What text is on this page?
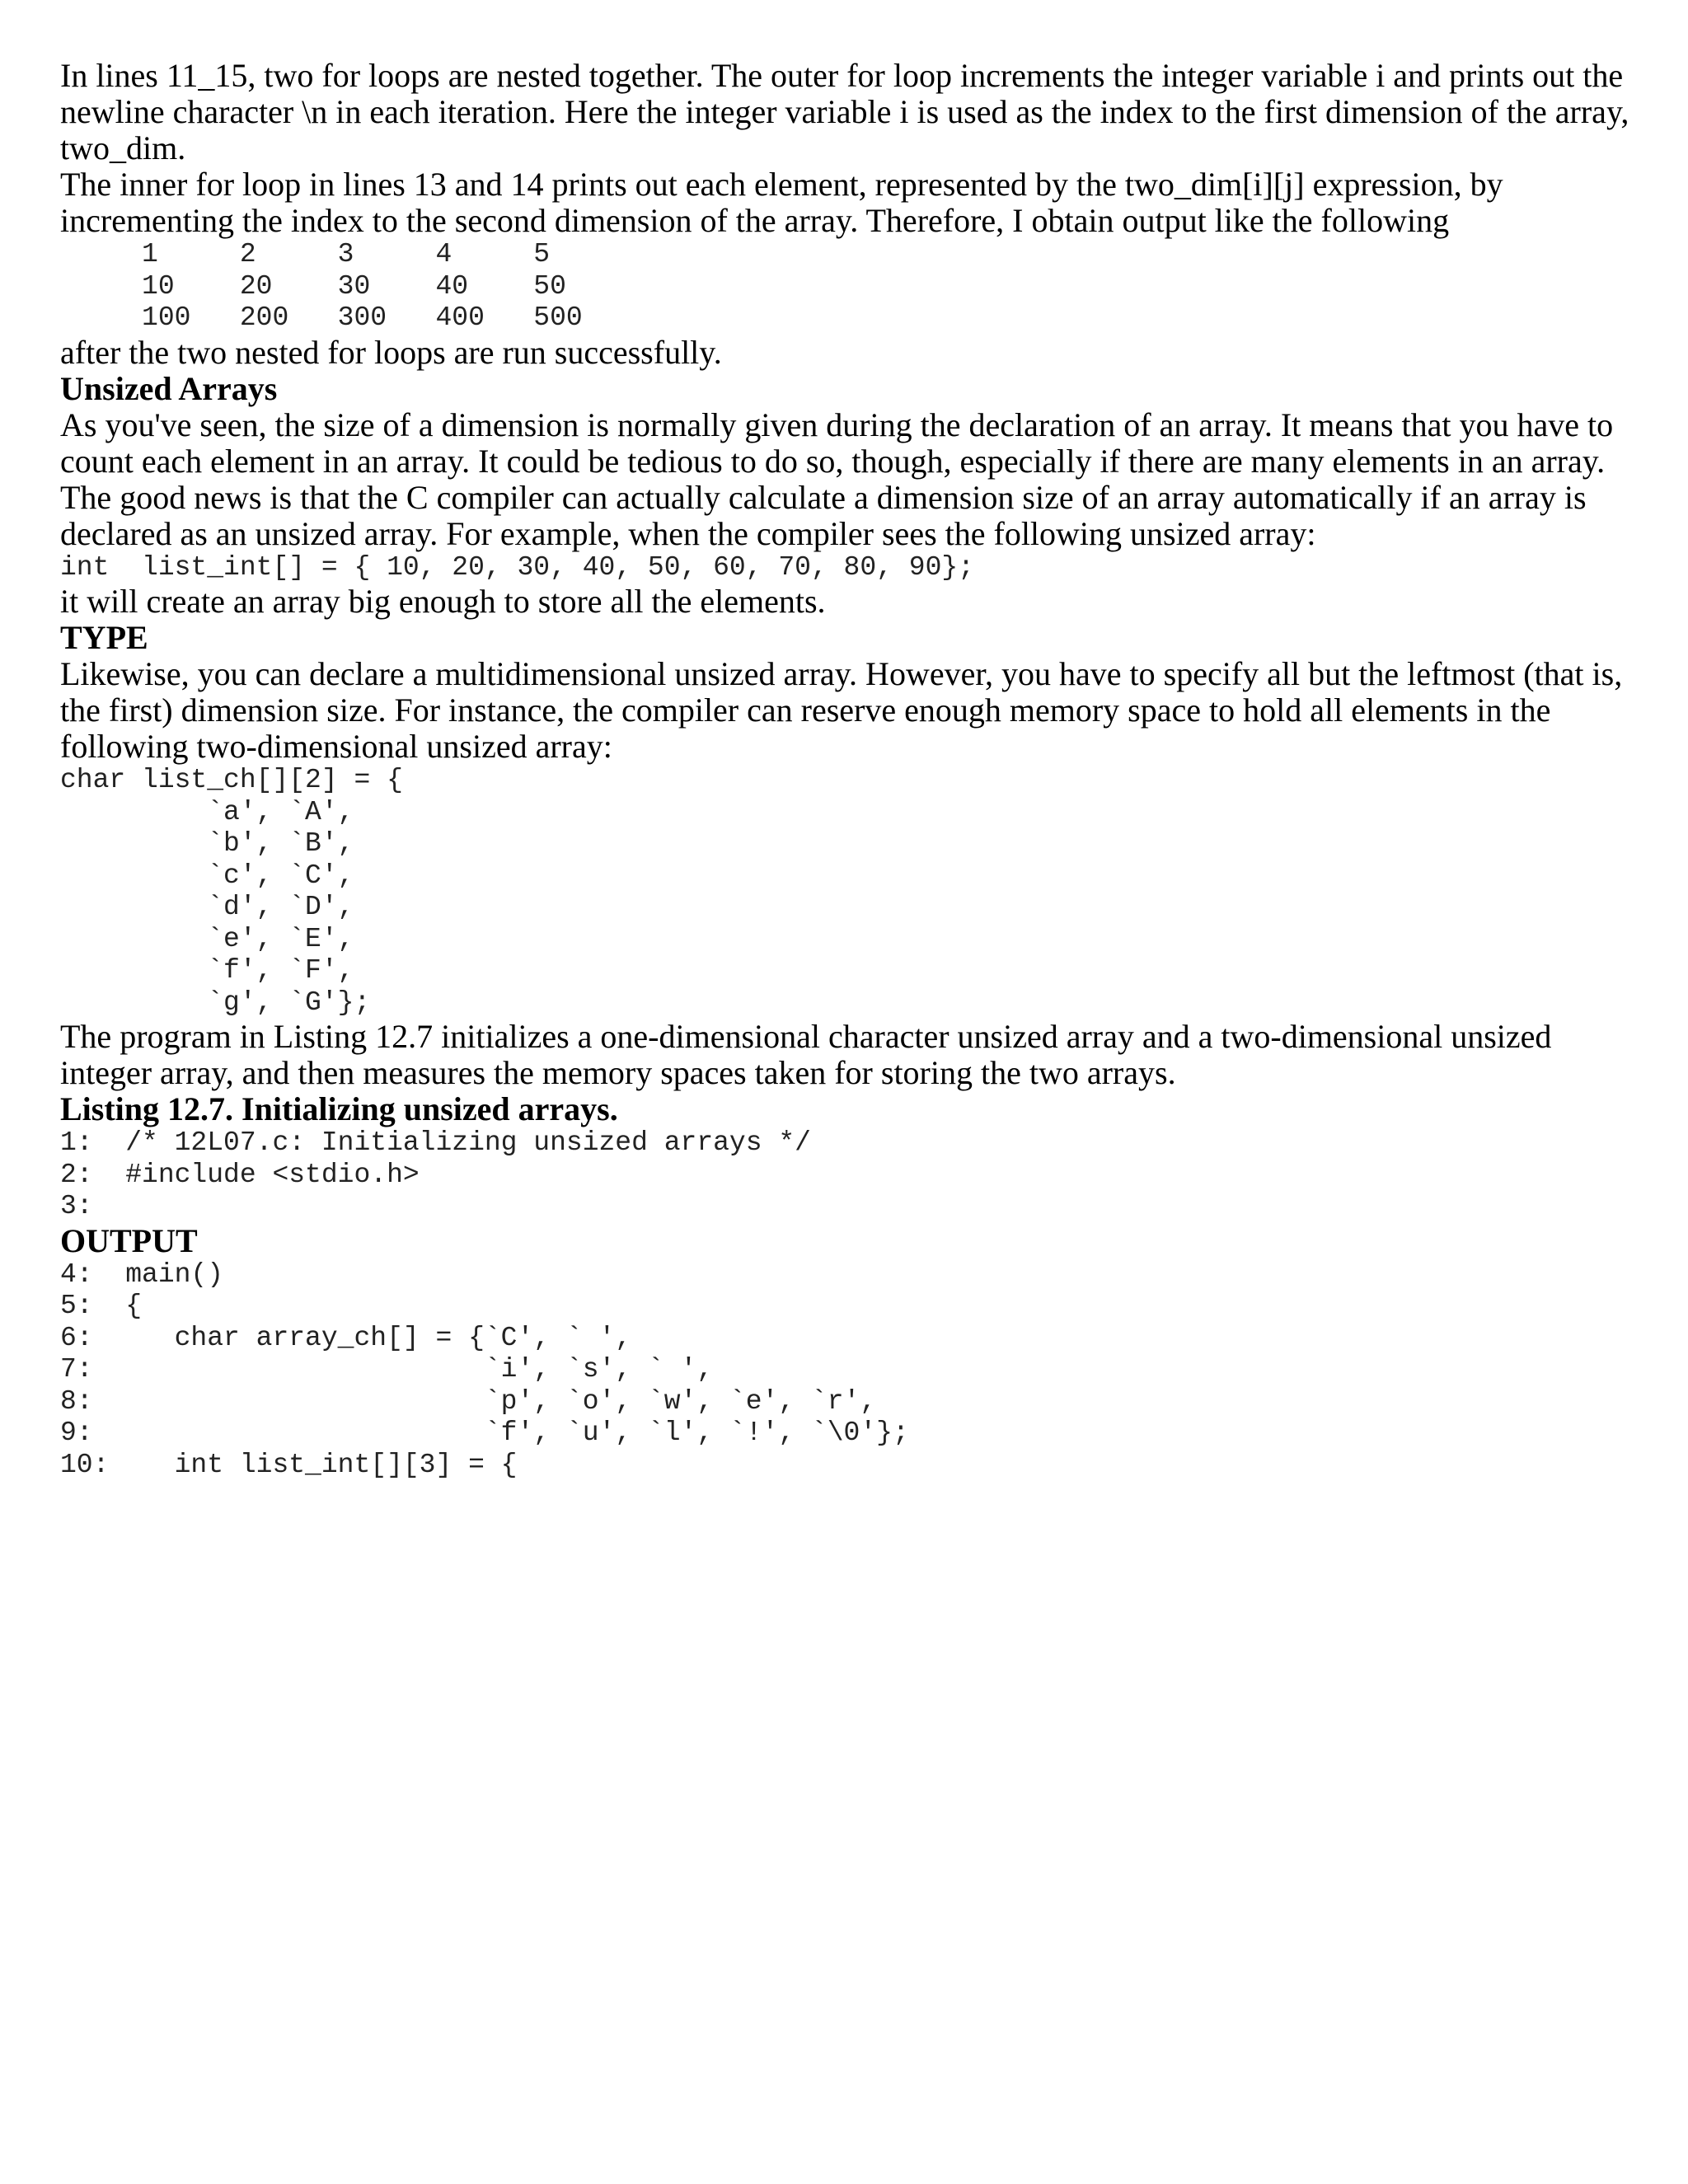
In lines 11_15, two for loops are nested together. The outer for loop increments the integer variable i and prints out the newline character \n in each iteration. Here the integer variable i is used as the index to the first dimension of the array, two_dim.

The inner for loop in lines 13 and 14 prints out each element, represented by the two_dim[i][j] expression, by incrementing the index to the second dimension of the array. Therefore, I obtain output like the following

1     2     3     4     5
10    20    30    40    50
100   200   300   400   500

after the two nested for loops are run successfully.

Unsized Arrays

As you've seen, the size of a dimension is normally given during the declaration of an array. It means that you have to count each element in an array. It could be tedious to do so, though, especially if there are many elements in an array.

The good news is that the C compiler can actually calculate a dimension size of an array automatically if an array is declared as an unsized array. For example, when the compiler sees the following unsized array:

int  list_int[] = { 10, 20, 30, 40, 50, 60, 70, 80, 90};

it will create an array big enough to store all the elements.

TYPE

Likewise, you can declare a multidimensional unsized array. However, you have to specify all but the leftmost (that is, the first) dimension size. For instance, the compiler can reserve enough memory space to hold all elements in the following two-dimensional unsized array:

char list_ch[][2] = {
`a', `A',
`b', `B',
`c', `C',
`d', `D',
`e', `E',
`f', `F',
`g', `G'};

The program in Listing 12.7 initializes a one-dimensional character unsized array and a two-dimensional unsized integer array, and then measures the memory spaces taken for storing the two arrays.

Listing 12.7. Initializing unsized arrays.
1:  /* 12L07.c: Initializing unsized arrays */
2:  #include <stdio.h>
3:
OUTPUT
4:  main()
5:  {
6:     char array_ch[] = {`C', ` ',
7:                        `i', `s', ` ',
8:                        `p', `o', `w', `e', `r',
9:                        `f', `u', `l', `!', `\0'};
10:    int list_int[][3] = {
